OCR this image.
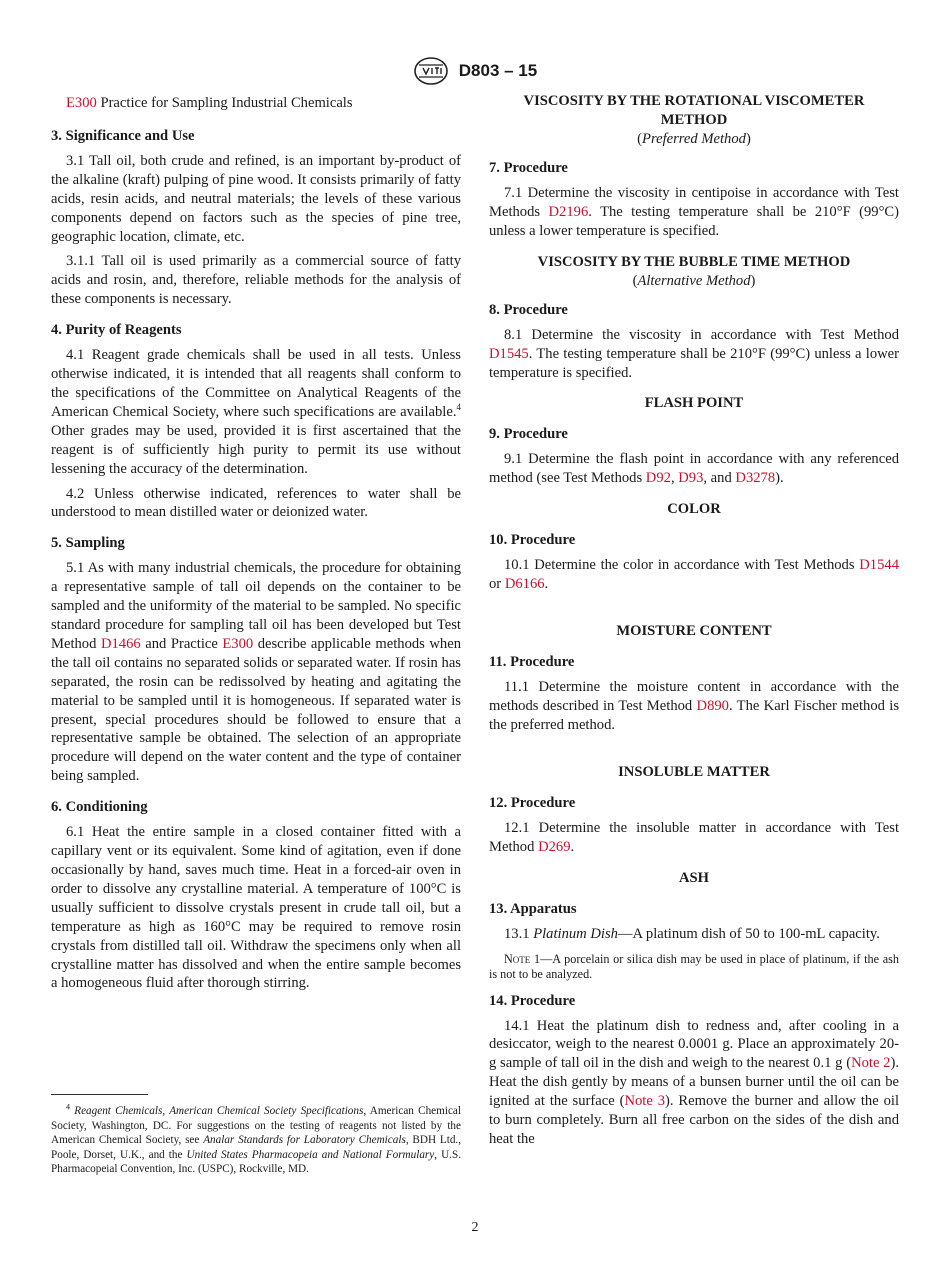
D803 – 15
E300 Practice for Sampling Industrial Chemicals
3. Significance and Use

3.1 Tall oil, both crude and refined, is an important by-product of the alkaline (kraft) pulping of pine wood. It consists primarily of fatty acids, resin acids, and neutral materials; the levels of these various components depend on factors such as the species of pine tree, geographic location, climate, etc.

3.1.1 Tall oil is used primarily as a commercial source of fatty acids and rosin, and, therefore, reliable methods for the analysis of these components is necessary.

4. Purity of Reagents

4.1 Reagent grade chemicals shall be used in all tests. Unless otherwise indicated, it is intended that all reagents shall conform to the specifications of the Committee on Analytical Reagents of the American Chemical Society, where such specifications are available.$^4$ Other grades may be used, provided it is first ascertained that the reagent is of sufficiently high purity to permit its use without lessening the accuracy of the determination.

4.2 Unless otherwise indicated, references to water shall be understood to mean distilled water or deionized water.

5. Sampling

5.1 As with many industrial chemicals, the procedure for obtaining a representative sample of tall oil depends on the container to be sampled and the uniformity of the material to be sampled. No specific standard procedure for sampling tall oil has been developed but Test Method D1466 and Practice E300 describe applicable methods when the tall oil contains no separated solids or separated water. If rosin has separated, the rosin can be redissolved by heating and agitating the material to be sampled until it is homogeneous. If separated water is present, special procedures should be followed to ensure that a representative sample be obtained. The selection of an appropriate procedure will depend on the water content and the type of container being sampled.

6. Conditioning

6.1 Heat the entire sample in a closed container fitted with a capillary vent or its equivalent. Some kind of agitation, even if done occasionally by hand, saves much time. Heat in a forced-air oven in order to dissolve any crystalline material. A temperature of 100°C is usually sufficient to dissolve crystals present in crude tall oil, but a temperature as high as 160°C may be required to remove rosin crystals from distilled tall oil. Withdraw the specimens only when all crystalline matter has dissolved and when the entire sample becomes a homogeneous fluid after thorough stirring.

$^4$ Reagent Chemicals, American Chemical Society Specifications, American Chemical Society, Washington, DC. For suggestions on the testing of reagents not listed by the American Chemical Society, see Analar Standards for Laboratory Chemicals, BDH Ltd., Poole, Dorset, U.K., and the United States Pharmacopeia and National Formulary, U.S. Pharmacopeial Convention, Inc. (USPC), Rockville, MD.
VISCOSITY BY THE ROTATIONAL VISCOMETER METHOD
(Preferred Method)
7. Procedure

7.1 Determine the viscosity in centipoise in accordance with Test Methods D2196. The testing temperature shall be 210°F (99°C) unless a lower temperature is specified.

VISCOSITY BY THE BUBBLE TIME METHOD
(Alternative Method)
8. Procedure

8.1 Determine the viscosity in accordance with Test Method D1545. The testing temperature shall be 210°F (99°C) unless a lower temperature is specified.

FLASH POINT
9. Procedure

9.1 Determine the flash point in accordance with any referenced method (see Test Methods D92, D93, and D3278).

COLOR
10. Procedure

10.1 Determine the color in accordance with Test Methods D1544 or D6166.

MOISTURE CONTENT
11. Procedure

11.1 Determine the moisture content in accordance with the methods described in Test Method D890. The Karl Fischer method is the preferred method.

INSOLUBLE MATTER
12. Procedure

12.1 Determine the insoluble matter in accordance with Test Method D269.

ASH
13. Apparatus

13.1 Platinum Dish—A platinum dish of 50 to 100-mL capacity.

Note 1—A porcelain or silica dish may be used in place of platinum, if the ash is not to be analyzed.
14. Procedure

14.1 Heat the platinum dish to redness and, after cooling in a desiccator, weigh to the nearest 0.0001 g. Place an approximately 20-g sample of tall oil in the dish and weigh to the nearest 0.1 g (Note 2). Heat the dish gently by means of a bunsen burner until the oil can be ignited at the surface (Note 3). Remove the burner and allow the oil to burn completely. Burn all free carbon on the sides of the dish and heat the

2
